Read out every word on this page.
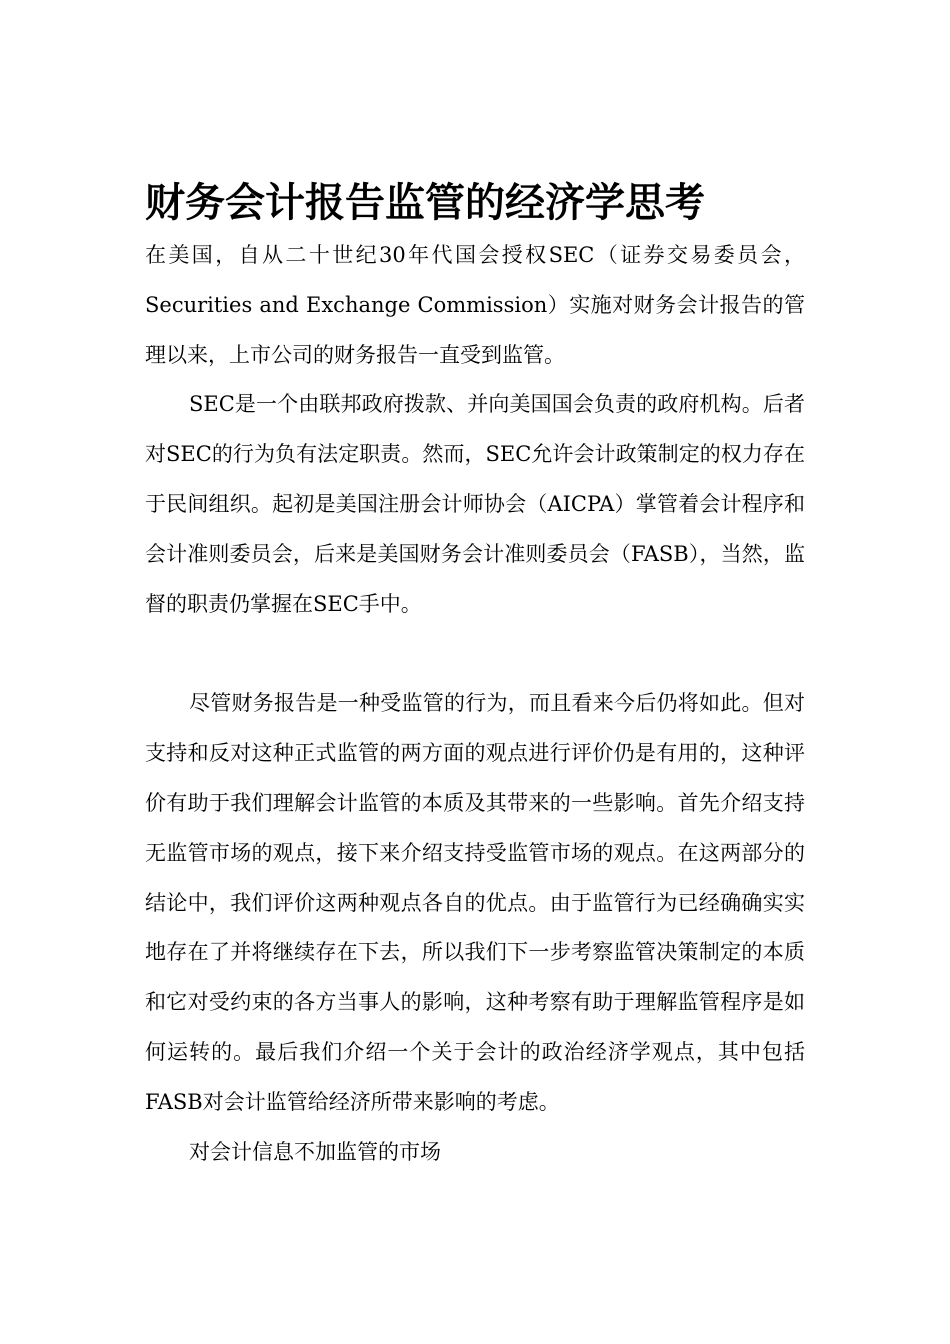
财务会计报告监管的经济学思考

在美国，自从二十世纪30年代国会授权SEC（证券交易委员会，Securities and Exchange Commission）实施对财务会计报告的管理以来，上市公司的财务报告一直受到监管。

SEC是一个由联邦政府拨款、并向美国国会负责的政府机构。后者对SEC的行为负有法定职责。然而，SEC允许会计政策制定的权力存在于民间组织。起初是美国注册会计师协会（AICPA）掌管着会计程序和会计准则委员会，后来是美国财务会计准则委员会（FASB），当然，监督的职责仍掌握在SEC手中。

尽管财务报告是一种受监管的行为，而且看来今后仍将如此。但对支持和反对这种正式监管的两方面的观点进行评价仍是有用的，这种评价有助于我们理解会计监管的本质及其带来的一些影响。首先介绍支持无监管市场的观点，接下来介绍支持受监管市场的观点。在这两部分的结论中，我们评价这两种观点各自的优点。由于监管行为已经确确实实地存在了并将继续存在下去，所以我们下一步考察监管决策制定的本质和它对受约束的各方当事人的影响，这种考察有助于理解监管程序是如何运转的。最后我们介绍一个关于会计的政治经济学观点，其中包括FASB对会计监管给经济所带来影响的考虑。

对会计信息不加监管的市场
